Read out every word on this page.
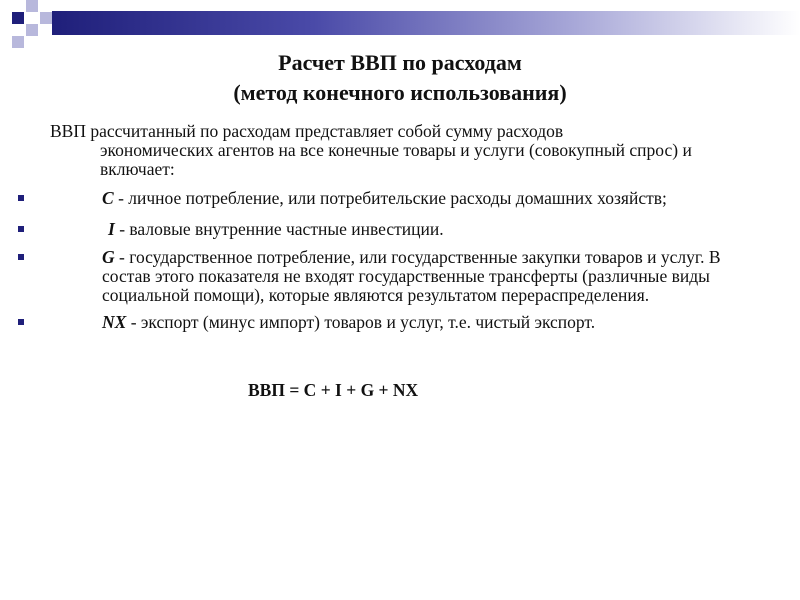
Расчет ВВП по расходам
(метод конечного использования)
ВВП рассчитанный по расходам представляет собой сумму расходов
экономических агентов на все конечные товары и услуги (совокупный спрос) и включает:
C - личное потребление, или потребительские расходы домашних хозяйств;
I - валовые внутренние частные инвестиции.
G - государственное потребление, или государственные закупки товаров и услуг. В состав этого показателя не входят государственные трансферты (различные виды социальной помощи), которые являются результатом перераспределения.
NX - экспорт (минус импорт) товаров и услуг, т.е. чистый экспорт.
ВВП = C + I + G + NX
